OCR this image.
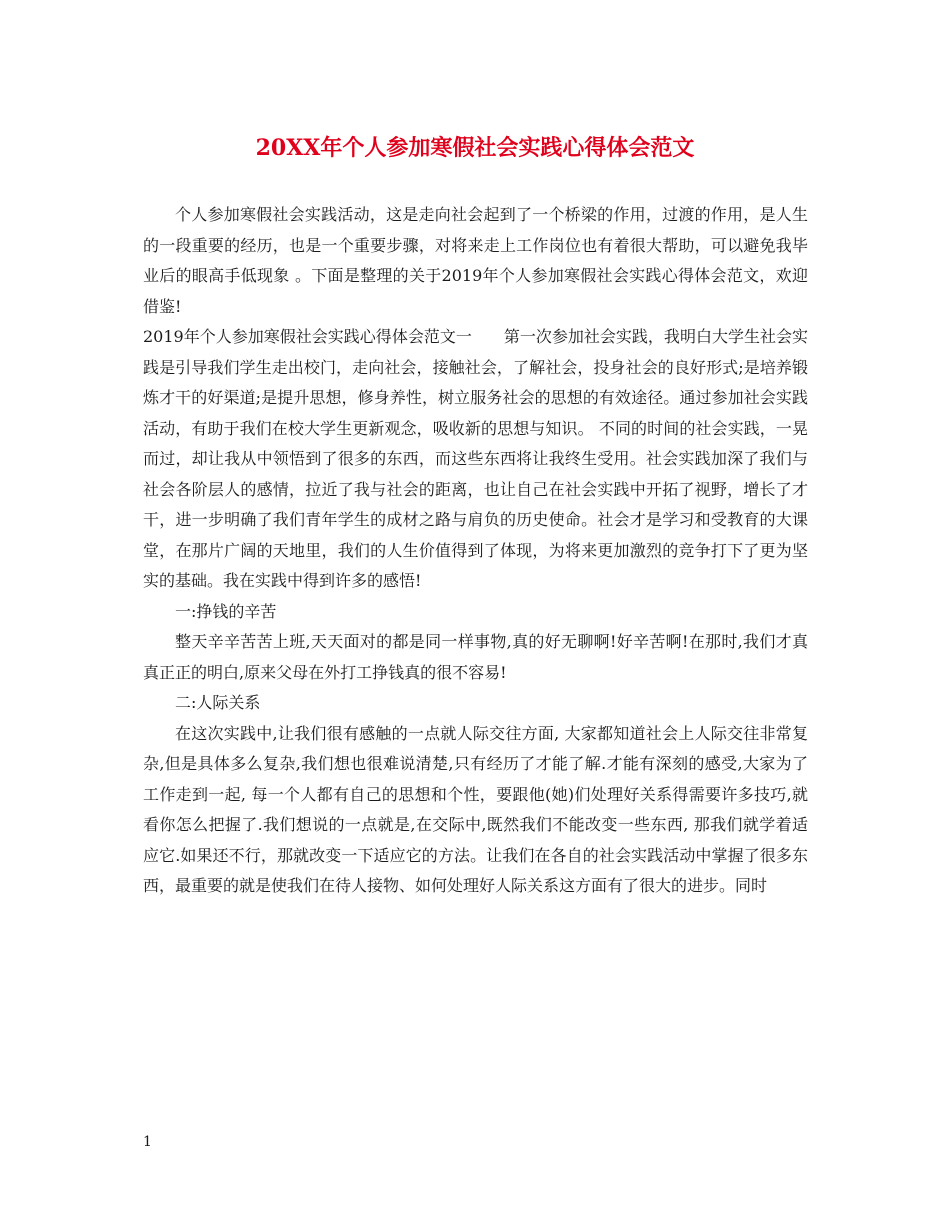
20XX年个人参加寒假社会实践心得体会范文

个人参加寒假社会实践活动，这是走向社会起到了一个桥梁的作用，过渡的作用，是人生的一段重要的经历，也是一个重要步骤，对将来走上工作岗位也有着很大帮助，可以避免我毕业后的眼高手低现象 。下面是整理的关于2019年个人参加寒假社会实践心得体会范文，欢迎借鉴!

2019年个人参加寒假社会实践心得体会范文一　　第一次参加社会实践，我明白大学生社会实践是引导我们学生走出校门，走向社会，接触社会，了解社会，投身社会的良好形式;是培养锻炼才干的好渠道;是提升思想，修身养性，树立服务社会的思想的有效途径。通过参加社会实践活动，有助于我们在校大学生更新观念，吸收新的思想与知识。 不同的时间的社会实践，一晃而过，却让我从中领悟到了很多的东西，而这些东西将让我终生受用。社会实践加深了我们与社会各阶层人的感情，拉近了我与社会的距离，也让自己在社会实践中开拓了视野，增长了才干，进一步明确了我们青年学生的成材之路与肩负的历史使命。社会才是学习和受教育的大课堂，在那片广阔的天地里，我们的人生价值得到了体现，为将来更加激烈的竞争打下了更为坚实的基础。我在实践中得到许多的感悟!

一:挣钱的辛苦

整天辛辛苦苦上班,天天面对的都是同一样事物,真的好无聊啊!好辛苦啊!在那时,我们才真真正正的明白,原来父母在外打工挣钱真的很不容易!

二:人际关系

在这次实践中,让我们很有感触的一点就人际交往方面, 大家都知道社会上人际交往非常复杂,但是具体多么复杂,我们想也很难说清楚,只有经历了才能了解.才能有深刻的感受,大家为了工作走到一起, 每一个人都有自己的思想和个性，要跟他(她)们处理好关系得需要许多技巧,就看你怎么把握了.我们想说的一点就是,在交际中,既然我们不能改变一些东西, 那我们就学着适应它.如果还不行，那就改变一下适应它的方法。让我们在各自的社会实践活动中掌握了很多东西，最重要的就是使我们在待人接物、如何处理好人际关系这方面有了很大的进步。同时

1
